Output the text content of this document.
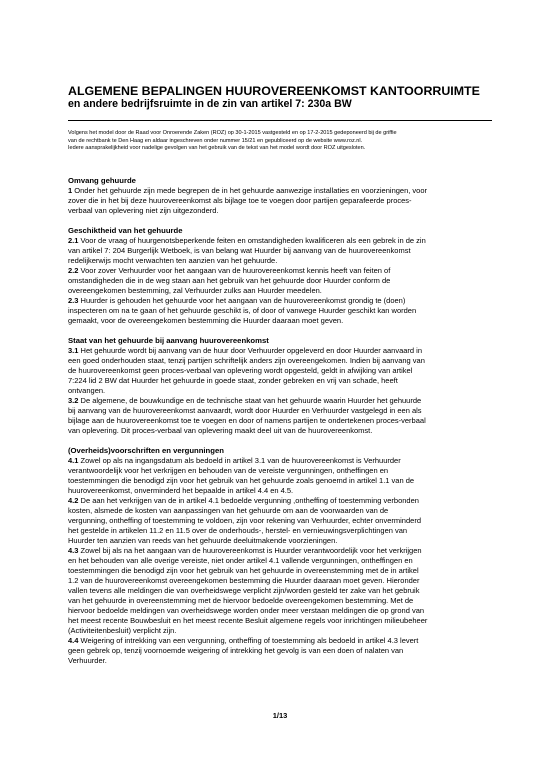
ALGEMENE BEPALINGEN HUUROVEREENKOMST KANTOORRUIMTE
en andere bedrijfsruimte in de zin van artikel 7: 230a BW
Volgens het model door de Raad voor Onroerende Zaken (ROZ) op 30-1-2015 vastgesteld en op 17-2-2015 gedeponeerd bij de griffie
van de rechtbank te Den Haag en aldaar ingeschreven onder nummer 15/21 en gepubliceerd op de website www.roz.nl.
Iedere aansprakelijkheid voor nadelige gevolgen van het gebruik van de tekst van het model wordt door ROZ uitgesloten.
Omvang gehuurde
1 Onder het gehuurde zijn mede begrepen de in het gehuurde aanwezige installaties en voorzieningen, voor
zover die in het bij deze huurovereenkomst als bijlage toe te voegen door partijen geparafeerde proces-
verbaal van oplevering niet zijn uitgezonderd.
Geschiktheid van het gehuurde
2.1 Voor de vraag of huurgenotsbeperkende feiten en omstandigheden kwalificeren als een gebrek in de zin
van artikel 7: 204 Burgerlijk Wetboek, is van belang wat Huurder bij aanvang van de huurovereenkomst
redelijkerwijs mocht verwachten ten aanzien van het gehuurde.
2.2 Voor zover Verhuurder voor het aangaan van de huurovereenkomst kennis heeft van feiten of
omstandigheden die in de weg staan aan het gebruik van het gehuurde door Huurder conform de
overeengekomen bestemming, zal Verhuurder zulks aan Huurder meedelen.
2.3 Huurder is gehouden het gehuurde voor het aangaan van de huurovereenkomst grondig te (doen)
inspecteren om na te gaan of het gehuurde geschikt is, of door of vanwege Huurder geschikt kan worden
gemaakt, voor de overeengekomen bestemming die Huurder daaraan moet geven.
Staat van het gehuurde bij aanvang huurovereenkomst
3.1 Het gehuurde wordt bij aanvang van de huur door Verhuurder opgeleverd en door Huurder aanvaard in
een goed onderhouden staat, tenzij partijen schriftelijk anders zijn overeengekomen. Indien bij aanvang van
de huurovereenkomst geen proces-verbaal van oplevering wordt opgesteld, geldt in afwijking van artikel
7:224 lid 2 BW dat Huurder het gehuurde in goede staat, zonder gebreken en vrij van schade, heeft
ontvangen.
3.2 De algemene, de bouwkundige en de technische staat van het gehuurde waarin Huurder het gehuurde
bij aanvang van de huurovereenkomst aanvaardt, wordt door Huurder en Verhuurder vastgelegd in een als
bijlage aan de huurovereenkomst toe te voegen en door of namens partijen te ondertekenen proces-verbaal
van oplevering. Dit proces-verbaal van oplevering maakt deel uit van de huurovereenkomst.
(Overheids)voorschriften en vergunningen
4.1 Zowel op als na ingangsdatum als bedoeld in artikel 3.1 van de huurovereenkomst is Verhuurder
verantwoordelijk voor het verkrijgen en behouden van de vereiste vergunningen, ontheffingen en
toestemmingen die benodigd zijn voor het gebruik van het gehuurde zoals genoemd in artikel 1.1 van de
huurovereenkomst, onverminderd het bepaalde in artikel 4.4 en 4.5.
4.2 De aan het verkrijgen van de in artikel 4.1 bedoelde vergunning ,ontheffing of toestemming verbonden
kosten, alsmede de kosten van aanpassingen van het gehuurde om aan de voorwaarden van de
vergunning, ontheffing of toestemming te voldoen, zijn voor rekening van Verhuurder, echter onverminderd
het gestelde in artikelen 11.2 en 11.5 over de onderhouds-, herstel- en vernieuwingsverplichtingen van
Huurder ten aanzien van reeds van het gehuurde deeluitmakende voorzieningen.
4.3 Zowel bij als na het aangaan van de huurovereenkomst is Huurder verantwoordelijk voor het verkrijgen
en het behouden van alle overige vereiste, niet onder artikel 4.1 vallende vergunningen, ontheffingen en
toestemmingen die benodigd zijn voor het gebruik van het gehuurde in overeenstemming met de in artikel
1.2 van de huurovereenkomst overeengekomen bestemming die Huurder daaraan moet geven. Hieronder
vallen tevens alle meldingen die van overheidswege verplicht zijn/worden gesteld ter zake van het gebruik
van het gehuurde in overeenstemming met de hiervoor bedoelde overeengekomen bestemming. Met de
hiervoor bedoelde meldingen van overheidswege worden onder meer verstaan meldingen die op grond van
het meest recente Bouwbesluit en het meest recente Besluit algemene regels voor inrichtingen milieubeheer
(Activiteitenbesluit) verplicht zijn.
4.4 Weigering of intrekking van een vergunning, ontheffing of toestemming als bedoeld in artikel 4.3 levert
geen gebrek op, tenzij voornoemde weigering of intrekking het gevolg is van een doen of nalaten van
Verhuurder.
1/13
